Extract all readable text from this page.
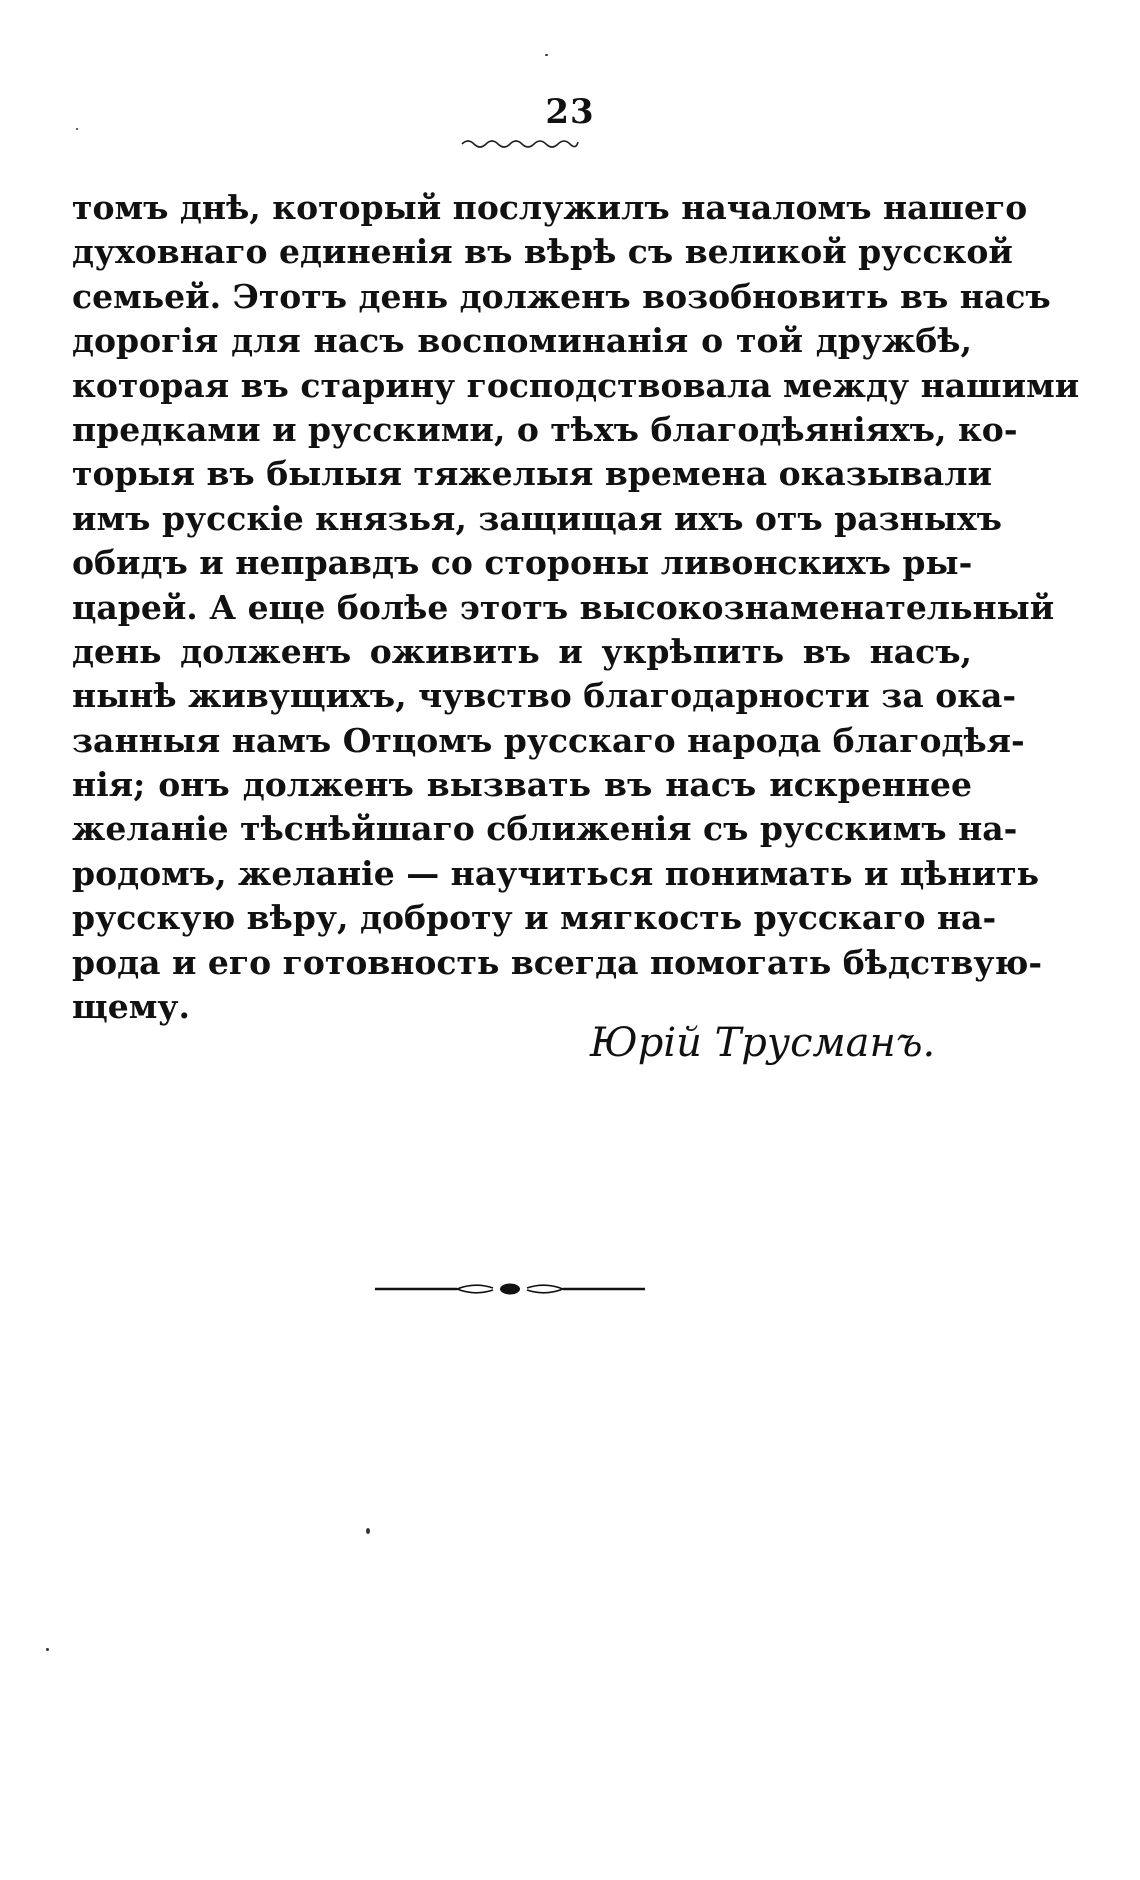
23
томъ днѣ, который послужилъ началомъ нашего
духовнаго единенія въ вѣрѣ съ великой русской
семьей. Этотъ день долженъ возобновить въ насъ
дорогія для насъ воспоминанія о той дружбѣ,
которая въ старину господствовала между нашими
предками и русскими, о тѣхъ благодѣяніяхъ, ко-
торыя въ былыя тяжелыя времена оказывали
имъ русскіе князья, защищая ихъ отъ разныхъ
обидъ и неправдъ со стороны ливонскихъ ры-
царей. А еще болѣе этотъ высокознаменательный
день долженъ оживить и укрѣпить въ насъ,
нынѣ живущихъ, чувство благодарности за ока-
занныя намъ Отцомъ русскаго народа благодѣя-
нія; онъ долженъ вызвать въ насъ искреннее
желаніе тѣснѣйшаго сближенія съ русскимъ на-
родомъ, желаніе — научиться понимать и цѣнить
русскую вѣру, доброту и мягкость русскаго на-
рода и его готовность всегда помогать бѣдствую-
щему.
Юрій Трусманъ.
